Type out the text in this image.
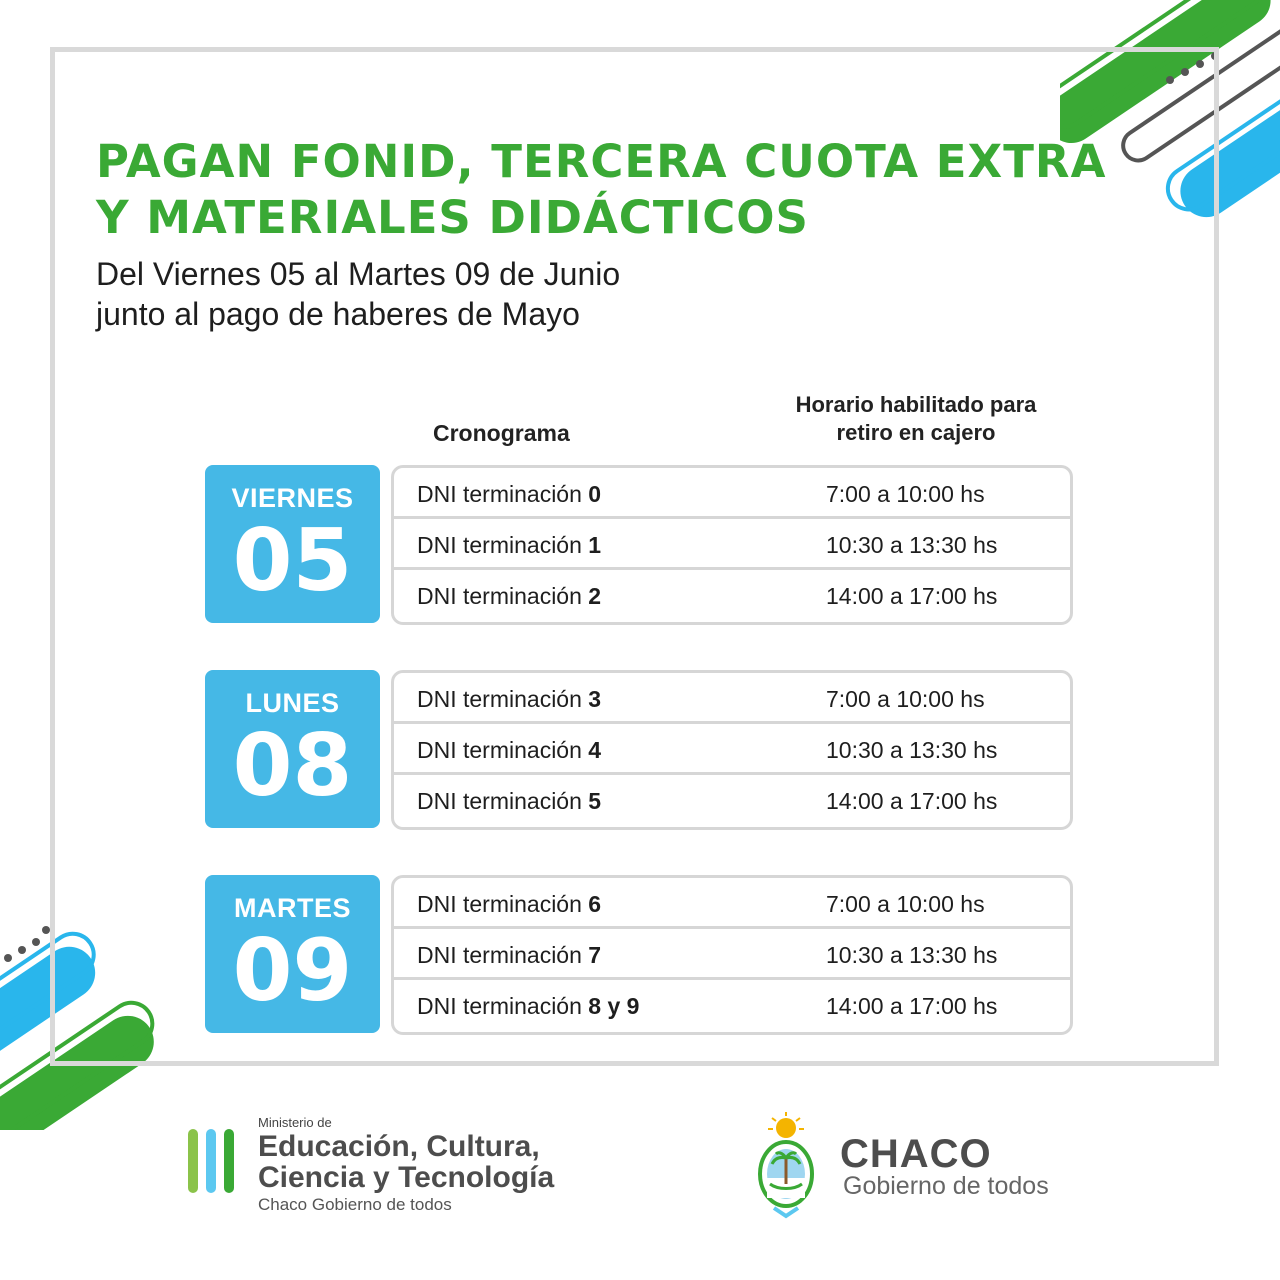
PAGAN FONID, TERCERA CUOTA EXTRA
Y MATERIALES DIDÁCTICOS

Del Viernes 05 al Martes 09 de Junio
junto al pago de haberes de Mayo

Cronograma
Horario habilitado para
retiro en cajero
VIERNES
05
DNI terminación 0	7:00 a 10:00 hs
DNI terminación 1	10:30 a 13:30 hs
DNI terminación 2	14:00 a 17:00 hs
LUNES
08
DNI terminación 3	7:00 a 10:00 hs
DNI terminación 4	10:30 a 13:30 hs
DNI terminación 5	14:00 a 17:00 hs
MARTES
09
DNI terminación 6	7:00 a 10:00 hs
DNI terminación 7	10:30 a 13:30 hs
DNI terminación 8 y 9	14:00 a 17:00 hs
Ministerio de
Educación, Cultura,
Ciencia y Tecnología
Chaco Gobierno de todos
CHACO
Gobierno de todos
